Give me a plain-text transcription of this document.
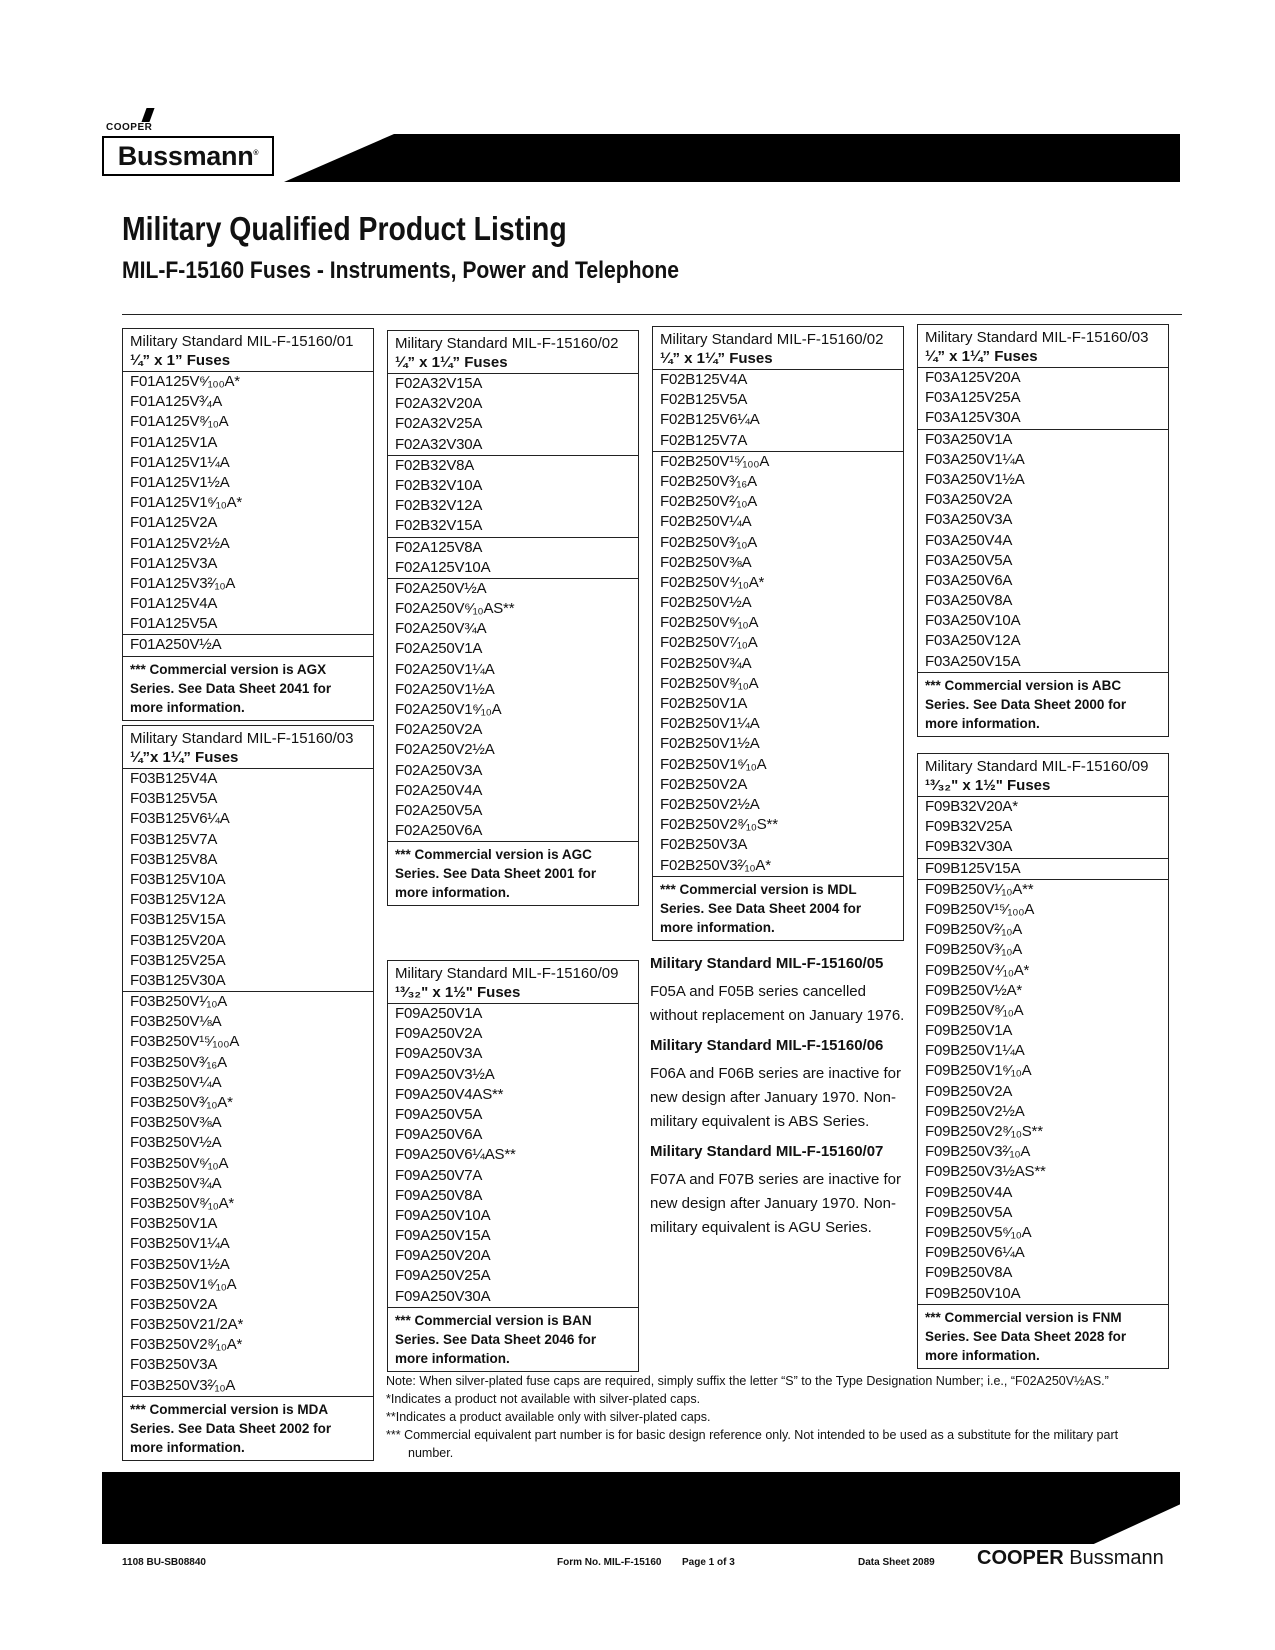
COOPER
Bussmann®
Military Qualified Product Listing
MIL-F-15160 Fuses - Instruments, Power and Telephone
Military Standard MIL-F-15160/01
¼” x 1” Fuses
F01A125V⁶⁄₁₀₀A*
F01A125V³⁄₄A
F01A125V⁸⁄₁₀A
F01A125V1A
F01A125V1¼A
F01A125V1½A
F01A125V1⁶⁄₁₀A*
F01A125V2A
F01A125V2½A
F01A125V3A
F01A125V3²⁄₁₀A
F01A125V4A
F01A125V5A
F01A250V½A
*** Commercial version is AGX Series. See Data Sheet 2041 for more information.
Military Standard MIL-F-15160/03
¼”x 1¼” Fuses
F03B125V4A
F03B125V5A
F03B125V6¼A
F03B125V7A
F03B125V8A
F03B125V10A
F03B125V12A
F03B125V15A
F03B125V20A
F03B125V25A
F03B125V30A
F03B250V¹⁄₁₀A
F03B250V⅛A
F03B250V¹⁵⁄₁₀₀A
F03B250V³⁄₁₆A
F03B250V¼A
F03B250V³⁄₁₀A*
F03B250V⅜A
F03B250V½A
F03B250V⁶⁄₁₀A
F03B250V¾A
F03B250V⁸⁄₁₀A*
F03B250V1A
F03B250V1¼A
F03B250V1½A
F03B250V1⁶⁄₁₀A
F03B250V2A
F03B250V21/2A*
F03B250V2⁸⁄₁₀A*
F03B250V3A
F03B250V3²⁄₁₀A
*** Commercial version is MDA Series. See Data Sheet 2002 for more information.
Military Standard MIL-F-15160/02
¼” x 1¼” Fuses
F02A32V15A
F02A32V20A
F02A32V25A
F02A32V30A
F02B32V8A
F02B32V10A
F02B32V12A
F02B32V15A
F02A125V8A
F02A125V10A
F02A250V½A
F02A250V⁶⁄₁₀AS**
F02A250V¾A
F02A250V1A
F02A250V1¼A
F02A250V1½A
F02A250V1⁶⁄₁₀A
F02A250V2A
F02A250V2½A
F02A250V3A
F02A250V4A
F02A250V5A
F02A250V6A
*** Commercial version is AGC Series. See Data Sheet 2001 for more information.
Military Standard MIL-F-15160/09
¹³⁄₃₂" x 1½" Fuses
F09A250V1A
F09A250V2A
F09A250V3A
F09A250V3½A
F09A250V4AS**
F09A250V5A
F09A250V6A
F09A250V6¼AS**
F09A250V7A
F09A250V8A
F09A250V10A
F09A250V15A
F09A250V20A
F09A250V25A
F09A250V30A
*** Commercial version is BAN Series. See Data Sheet 2046 for more information.
Military Standard MIL-F-15160/02
¼” x 1¼” Fuses
F02B125V4A
F02B125V5A
F02B125V6¼A
F02B125V7A
F02B250V¹⁵⁄₁₀₀A
F02B250V³⁄₁₆A
F02B250V²⁄₁₀A
F02B250V¼A
F02B250V³⁄₁₀A
F02B250V⅜A
F02B250V⁴⁄₁₀A*
F02B250V½A
F02B250V⁶⁄₁₀A
F02B250V⁷⁄₁₀A
F02B250V¾A
F02B250V⁸⁄₁₀A
F02B250V1A
F02B250V1¼A
F02B250V1½A
F02B250V1⁶⁄₁₀A
F02B250V2A
F02B250V2½A
F02B250V2⁸⁄₁₀S**
F02B250V3A
F02B250V3²⁄₁₀A*
*** Commercial version is MDL Series. See Data Sheet 2004 for more information.
Military Standard MIL-F-15160/03
¼” x 1¼” Fuses
F03A125V20A
F03A125V25A
F03A125V30A
F03A250V1A
F03A250V1¼A
F03A250V1½A
F03A250V2A
F03A250V3A
F03A250V4A
F03A250V5A
F03A250V6A
F03A250V8A
F03A250V10A
F03A250V12A
F03A250V15A
*** Commercial version is ABC Series. See Data Sheet 2000 for more information.
Military Standard MIL-F-15160/09
¹³⁄₃₂" x 1½" Fuses
F09B32V20A*
F09B32V25A
F09B32V30A
F09B125V15A
F09B250V¹⁄₁₀A**
F09B250V¹⁵⁄₁₀₀A
F09B250V²⁄₁₀A
F09B250V³⁄₁₀A
F09B250V⁴⁄₁₀A*
F09B250V½A*
F09B250V⁸⁄₁₀A
F09B250V1A
F09B250V1¼A
F09B250V1⁶⁄₁₀A
F09B250V2A
F09B250V2½A
F09B250V2⁸⁄₁₀S**
F09B250V3²⁄₁₀A
F09B250V3½AS**
F09B250V4A
F09B250V5A
F09B250V5⁶⁄₁₀A
F09B250V6¼A
F09B250V8A
F09B250V10A
*** Commercial version is FNM Series. See Data Sheet 2028 for more information.
Military Standard MIL-F-15160/05
F05A and F05B series cancelled without replacement on January 1976.
Military Standard MIL-F-15160/06
F06A and F06B series are inactive for new design after January 1970. Non-military equivalent is ABS Series.
Military Standard MIL-F-15160/07
F07A and F07B series are inactive for new design after January 1970. Non-military equivalent is AGU Series.
Note: When silver-plated fuse caps are required, simply suffix the letter “S” to the Type Designation Number; i.e., “F02A250V½AS.”
*Indicates a product not available with silver-plated caps.
**Indicates a product available only with silver-plated caps.
*** Commercial equivalent part number is for basic design reference only. Not intended to be used as a substitute for the military part
number.
1108 BU-SB08840	Form No. MIL-F-15160 Page 1 of 3	Data Sheet 2089 COOPER Bussmann
